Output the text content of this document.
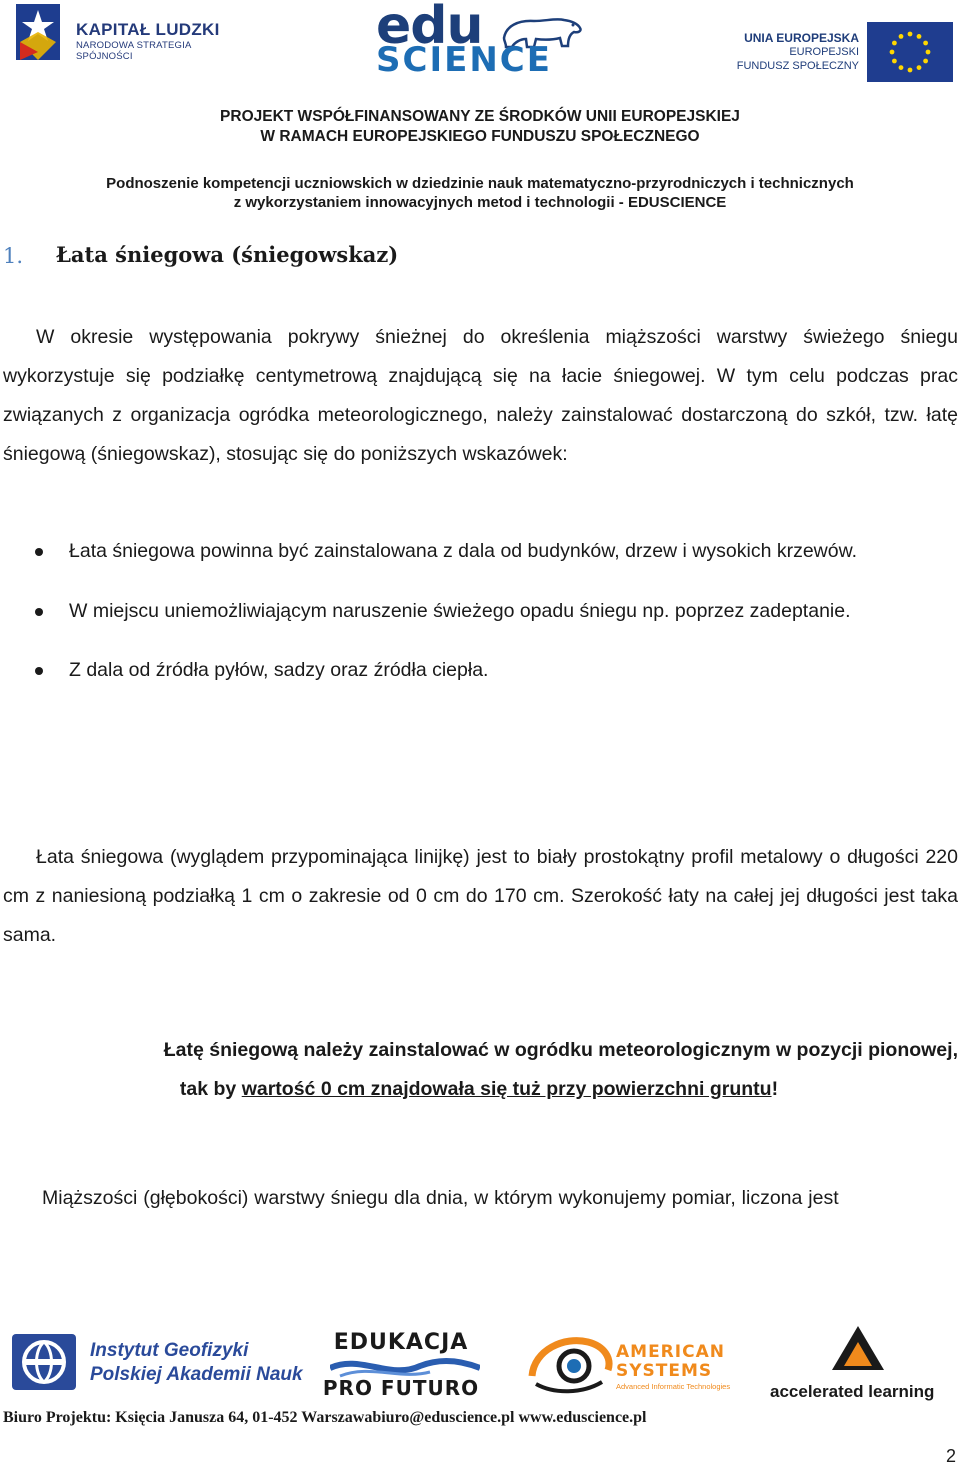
KAPITAŁ LUDZKI
NARODOWA STRATEGIA SPÓJNOŚCI
edu
SCIENCE
UNIA EUROPEJSKA
EUROPEJSKI
FUNDUSZ SPOŁECZNY
PROJEKT WSPÓŁFINANSOWANY ZE ŚRODKÓW UNII EUROPEJSKIEJ
W RAMACH EUROPEJSKIEGO FUNDUSZU SPOŁECZNEGO
Podnoszenie kompetencji uczniowskich w dziedzinie nauk matematyczno-przyrodniczych i technicznych
z wykorzystaniem innowacyjnych metod i technologii - EDUSCIENCE
1. Łata śniegowa (śniegowskaz)

W okresie występowania pokrywy śnieżnej do określenia miąższości warstwy świeżego śniegu wykorzystuje się podziałkę centymetrową znajdującą się na łacie śniegowej. W tym celu podczas prac związanych z organizacja ogródka meteorologicznego, należy zainstalować dostarczoną do szkół, tzw. łatę śniegową (śniegowskaz), stosując się do poniższych wskazówek:

Łata śniegowa powinna być zainstalowana z dala od budynków, drzew i wysokich krzewów.

W miejscu uniemożliwiającym naruszenie świeżego opadu śniegu np. poprzez zadeptanie.

Z dala od źródła pyłów, sadzy oraz źródła ciepła.

Łata śniegowa (wyglądem przypominająca linijkę) jest to biały prostokątny profil metalowy o długości 220 cm z naniesioną podziałką 1 cm o zakresie od 0 cm do 170 cm. Szerokość łaty na całej jej długości jest taka sama.

Łatę śniegową należy zainstalować w ogródku meteorologicznym w pozycji pionowej,
tak by wartość 0 cm znajdowała się tuż przy powierzchni gruntu!
Miąższości (głębokości) warstwy śniegu dla dnia, w którym wykonujemy pomiar, liczona jest
Instytut Geofizyki
Polskiej Akademii Nauk
EDUKACJA
PRO FUTURO
AMERICAN
SYSTEMS
Advanced Informatic Technologies accelerated learning
Biuro Projektu: Księcia Janusza 64, 01-452 Warszawabiuro@eduscience.pl www.eduscience.pl
2
